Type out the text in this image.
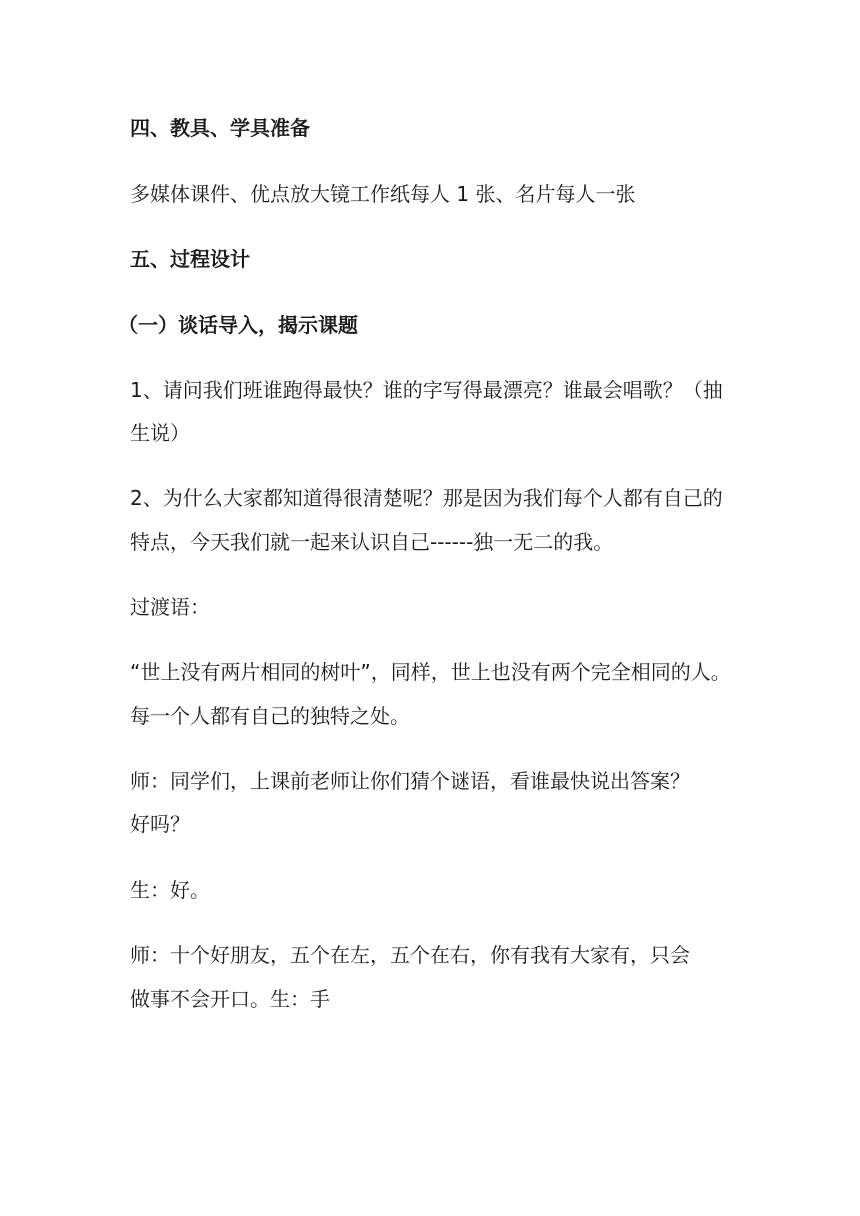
四、教具、学具准备
多媒体课件、优点放大镜工作纸每人 1 张、名片每人一张
五、过程设计
（一）谈话导入，揭示课题
1、请问我们班谁跑得最快？谁的字写得最漂亮？谁最会唱歌？（抽
生说）
2、为什么大家都知道得很清楚呢？那是因为我们每个人都有自己的
特点，今天我们就一起来认识自己------独一无二的我。
过渡语：
“世上没有两片相同的树叶”，同样，世上也没有两个完全相同的人。
每一个人都有自己的独特之处。
师：同学们，上课前老师让你们猜个谜语，看谁最快说出答案？
好吗？
生：好。
师：十个好朋友，五个在左，五个在右，你有我有大家有，只会
做事不会开口。生：手
